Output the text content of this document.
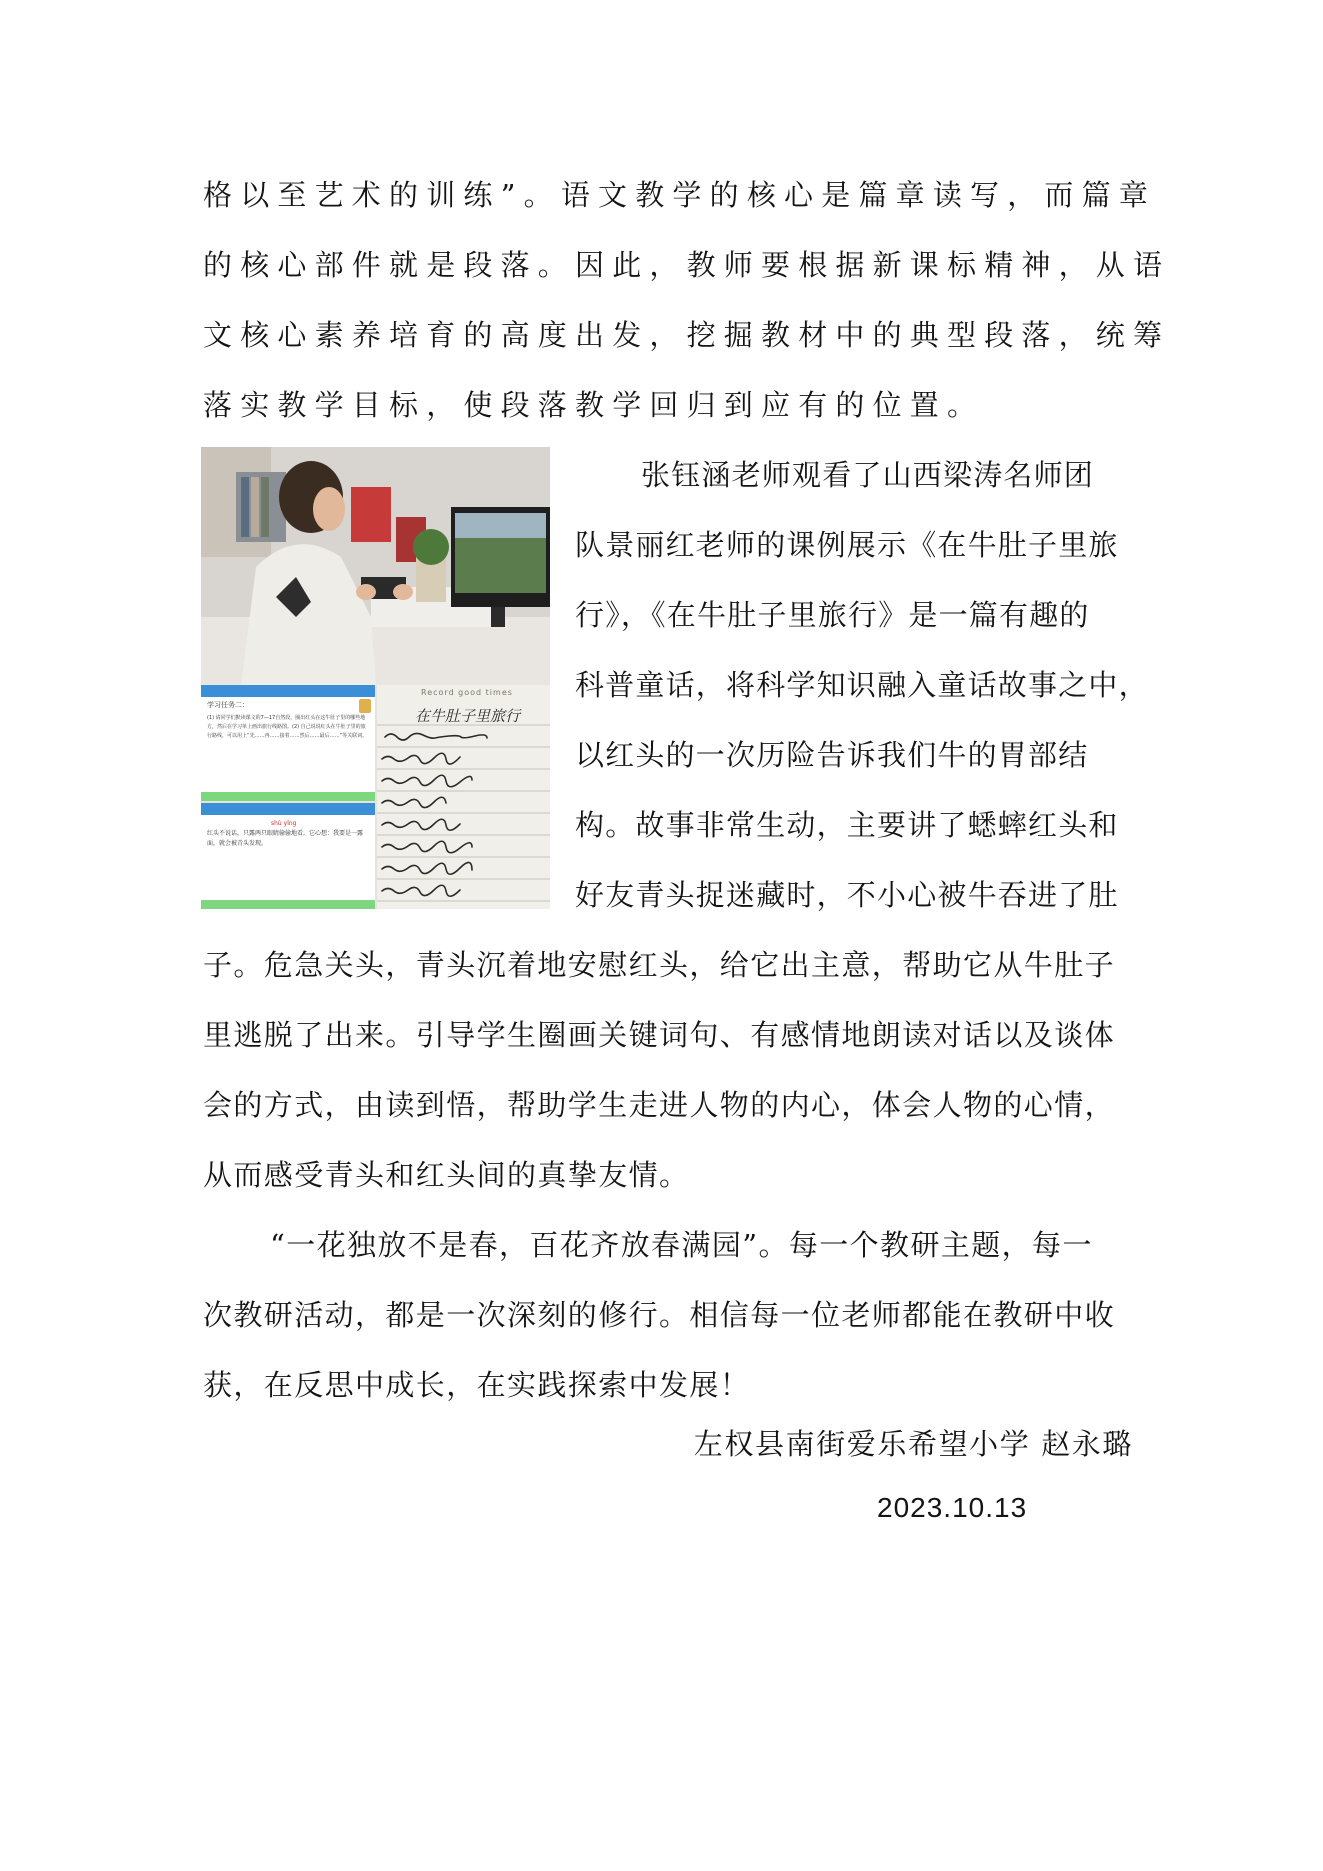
格以至艺术的训练”。语文教学的核心是篇章读写，而篇章
的核心部件就是段落。因此，教师要根据新课标精神，从语
文核心素养培育的高度出发，挖掘教材中的典型段落，统筹
落实教学目标，使段落教学回归到应有的位置。
学习任务二：
(1) 请同学们默读课文的7—17自然段，圈出红头在这牛肚子里的哪些地方，然后在学习单上画出旅行线路图。(2) 自己说说红头在牛肚子里的旅行路线，可以用上“先……再……接着……然后……最后……”等关联词。
shù yǐng
红头不说话，只露两只眼睛偷偷地看。它心想：我要是一露面，就会被青头发现。
Record good times
在牛肚子里旅行
张钰涵老师观看了山西梁涛名师团
队景丽红老师的课例展示《在牛肚子里旅
行》，《在牛肚子里旅行》是一篇有趣的
科普童话，将科学知识融入童话故事之中，
以红头的一次历险告诉我们牛的胃部结
构。故事非常生动，主要讲了蟋蟀红头和
好友青头捉迷藏时，不小心被牛吞进了肚
子。危急关头，青头沉着地安慰红头，给它出主意，帮助它从牛肚子
里逃脱了出来。引导学生圈画关键词句、有感情地朗读对话以及谈体
会的方式，由读到悟，帮助学生走进人物的内心，体会人物的心情，
从而感受青头和红头间的真挚友情。
“一花独放不是春，百花齐放春满园”。每一个教研主题，每一
次教研活动，都是一次深刻的修行。相信每一位老师都能在教研中收
获，在反思中成长，在实践探索中发展！
左权县南街爱乐希望小学 赵永璐
2023.10.13
